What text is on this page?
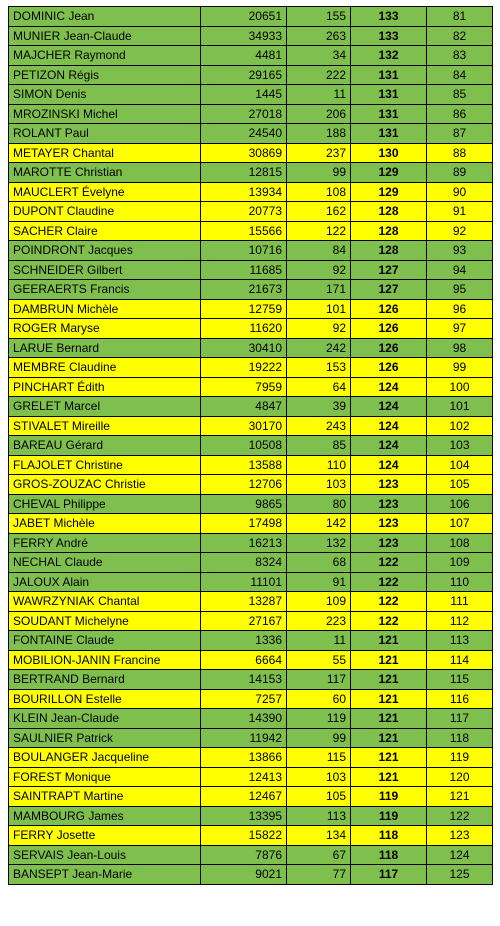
DOMINIC Jean	20651	155	133	81
MUNIER Jean-Claude	34933	263	133	82
MAJCHER Raymond	4481	34	132	83
PETIZON Régis	29165	222	131	84
SIMON Denis	1445	11	131	85
MROZINSKI Michel	27018	206	131	86
ROLANT Paul	24540	188	131	87
METAYER Chantal	30869	237	130	88
MAROTTE Christian	12815	99	129	89
MAUCLERT Évelyne	13934	108	129	90
DUPONT Claudine	20773	162	128	91
SACHER Claire	15566	122	128	92
POINDRONT Jacques	10716	84	128	93
SCHNEIDER Gilbert	11685	92	127	94
GEERAERTS Francis	21673	171	127	95
DAMBRUN Michèle	12759	101	126	96
ROGER Maryse	11620	92	126	97
LARUE Bernard	30410	242	126	98
MEMBRE Claudine	19222	153	126	99
PINCHART Édith	7959	64	124	100
GRELET Marcel	4847	39	124	101
STIVALET Mireille	30170	243	124	102
BAREAU Gérard	10508	85	124	103
FLAJOLET Christine	13588	110	124	104
GROS-ZOUZAC Christie	12706	103	123	105
CHEVAL Philippe	9865	80	123	106
JABET Michèle	17498	142	123	107
FERRY André	16213	132	123	108
NECHAL Claude	8324	68	122	109
JALOUX Alain	11101	91	122	110
WAWRZYNIAK Chantal	13287	109	122	111
SOUDANT Michelyne	27167	223	122	112
FONTAINE Claude	1336	11	121	113
MOBILION-JANIN Francine	6664	55	121	114
BERTRAND Bernard	14153	117	121	115
BOURILLON Estelle	7257	60	121	116
KLEIN Jean-Claude	14390	119	121	117
SAULNIER Patrick	11942	99	121	118
BOULANGER Jacqueline	13866	115	121	119
FOREST Monique	12413	103	121	120
SAINTRAPT Martine	12467	105	119	121
MAMBOURG James	13395	113	119	122
FERRY Josette	15822	134	118	123
SERVAIS Jean-Louis	7876	67	118	124
BANSEPT Jean-Marie	9021	77	117	125
